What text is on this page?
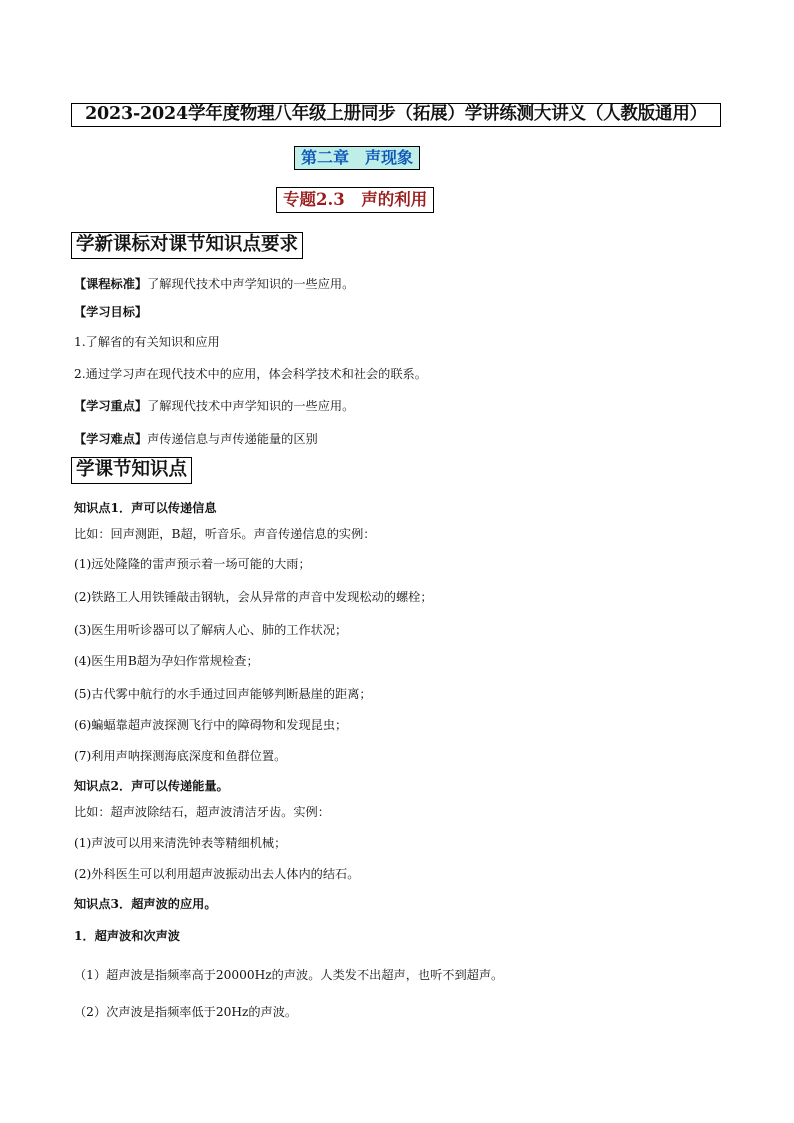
2023-2024学年度物理八年级上册同步（拓展）学讲练测大讲义（人教版通用）
第二章　声现象
专题2.3　声的利用
学新课标对课节知识点要求
【课程标准】了解现代技术中声学知识的一些应用。
【学习目标】
1.了解省的有关知识和应用
2.通过学习声在现代技术中的应用，体会科学技术和社会的联系。
【学习重点】了解现代技术中声学知识的一些应用。
【学习难点】声传递信息与声传递能量的区别
学课节知识点
知识点1．声可以传递信息
比如：回声测距，B超，听音乐。声音传递信息的实例：
(1)远处隆隆的雷声预示着一场可能的大雨；
(2)铁路工人用铁锤敲击钢轨，会从异常的声音中发现松动的螺栓；
(3)医生用听诊器可以了解病人心、肺的工作状况；
(4)医生用B超为孕妇作常规检查；
(5)古代雾中航行的水手通过回声能够判断悬崖的距离；
(6)蝙蝠靠超声波探测飞行中的障碍物和发现昆虫；
(7)利用声呐探测海底深度和鱼群位置。
知识点2．声可以传递能量。
比如：超声波除结石，超声波清洁牙齿。实例：
(1)声波可以用来清洗钟表等精细机械；
(2)外科医生可以利用超声波振动出去人体内的结石。
知识点3．超声波的应用。
1．超声波和次声波
（1）超声波是指频率高于20000Hz的声波。人类发不出超声，也听不到超声。
（2）次声波是指频率低于20Hz的声波。
